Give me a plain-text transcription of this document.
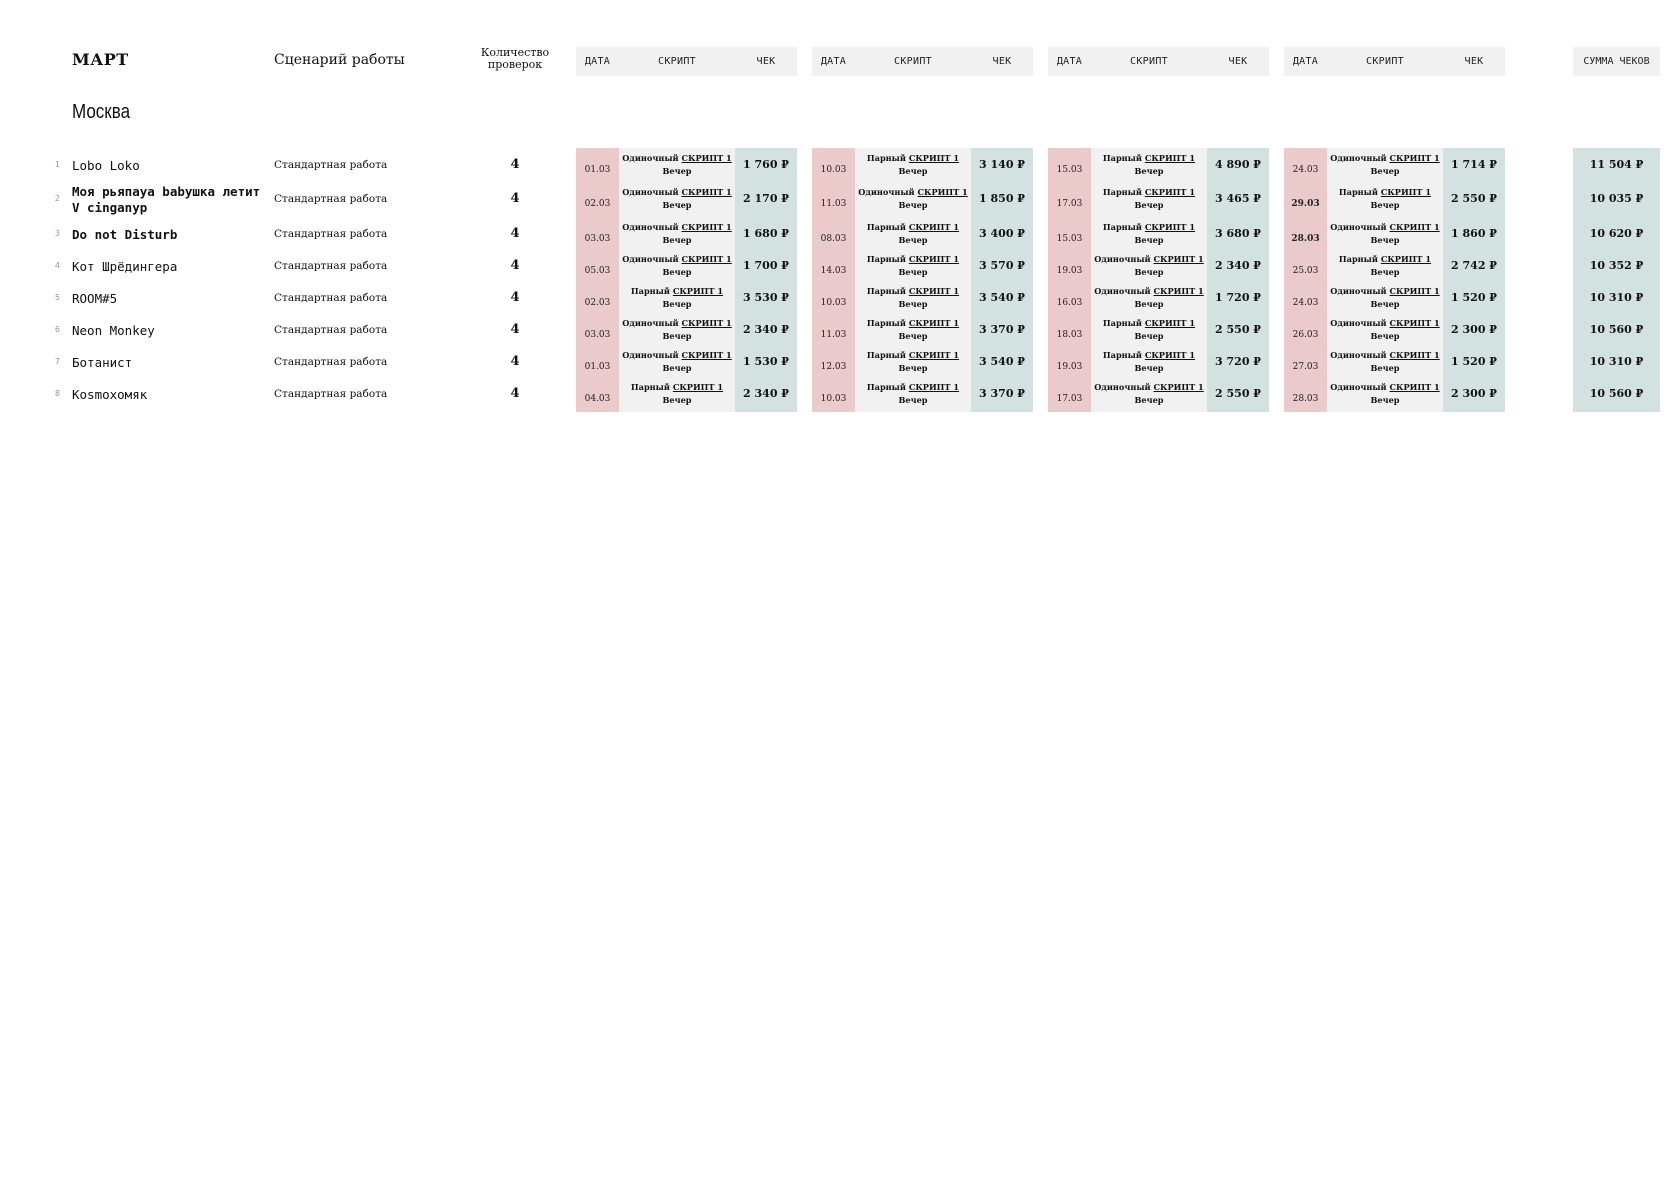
МАРТ	Сценарий работы	Количество
проверок
Москва
СУММА ЧЕКОВ
ДАТА	СКРИПТ	ЧЕК	ДАТА	СКРИПТ	ЧЕК	ДАТА	СКРИПТ	ЧЕК	ДАТА	СКРИПТ	ЧЕК
1 Lobo Loko	Стандартная работа	4	01.03
Одиночный СКРИПТ 1
Вечер	1 760 ₽	10.03
Парный СКРИПТ 1
Вечер	3 140 ₽	15.03
Парный СКРИПТ 1
Вечер	4 890 ₽	24.03
Одиночный СКРИПТ 1
Вечер	1 714 ₽	11 504 ₽
2 Моя рьяпaya babушка летит V cinganyp
Стандартная работа	4	02.03
Одиночный СКРИПТ 1
Вечер	2 170 ₽	11.03
Одиночный СКРИПТ 1
Вечер	1 850 ₽	17.03
Парный СКРИПТ 1
Вечер	3 465 ₽	29.03
Парный СКРИПТ 1
Вечер	2 550 ₽	10 035 ₽
3 Do not Disturb	Стандартная работа	4	03.03
Одиночный СКРИПТ 1
Вечер	1 680 ₽	08.03
Парный СКРИПТ 1
Вечер	3 400 ₽	15.03
Парный СКРИПТ 1
Вечер	3 680 ₽	28.03
Одиночный СКРИПТ 1
Вечер	1 860 ₽	10 620 ₽
4 Кот Шрёдингера	Стандартная работа	4	05.03
Одиночный СКРИПТ 1
Вечер	1 700 ₽	14.03
Парный СКРИПТ 1
Вечер	3 570 ₽	19.03
Одиночный СКРИПТ 1
Вечер	2 340 ₽	25.03
Парный СКРИПТ 1
Вечер	2 742 ₽	10 352 ₽
5 ROOM#5	Стандартная работа	4	02.03
Парный СКРИПТ 1
Вечер	3 530 ₽	10.03
Парный СКРИПТ 1
Вечер	3 540 ₽	16.03
Одиночный СКРИПТ 1
Вечер	1 720 ₽	24.03
Одиночный СКРИПТ 1
Вечер	1 520 ₽	10 310 ₽
6 Neon Monkey	Стандартная работа	4	03.03
Одиночный СКРИПТ 1
Вечер	2 340 ₽	11.03
Парный СКРИПТ 1
Вечер	3 370 ₽	18.03
Парный СКРИПТ 1
Вечер	2 550 ₽	26.03
Одиночный СКРИПТ 1
Вечер	2 300 ₽	10 560 ₽
7 Ботанист	Стандартная работа	4	01.03
Одиночный СКРИПТ 1
Вечер	1 530 ₽	12.03
Парный СКРИПТ 1
Вечер	3 540 ₽	19.03
Парный СКРИПТ 1
Вечер	3 720 ₽	27.03
Одиночный СКРИПТ 1
Вечер	1 520 ₽	10 310 ₽
8 Kosmoхомяк	Стандартная работа	4	04.03
Парный СКРИПТ 1
Вечер	2 340 ₽	10.03
Парный СКРИПТ 1
Вечер	3 370 ₽	17.03
Одиночный СКРИПТ 1
Вечер	2 550 ₽	28.03
Одиночный СКРИПТ 1
Вечер	2 300 ₽	10 560 ₽
